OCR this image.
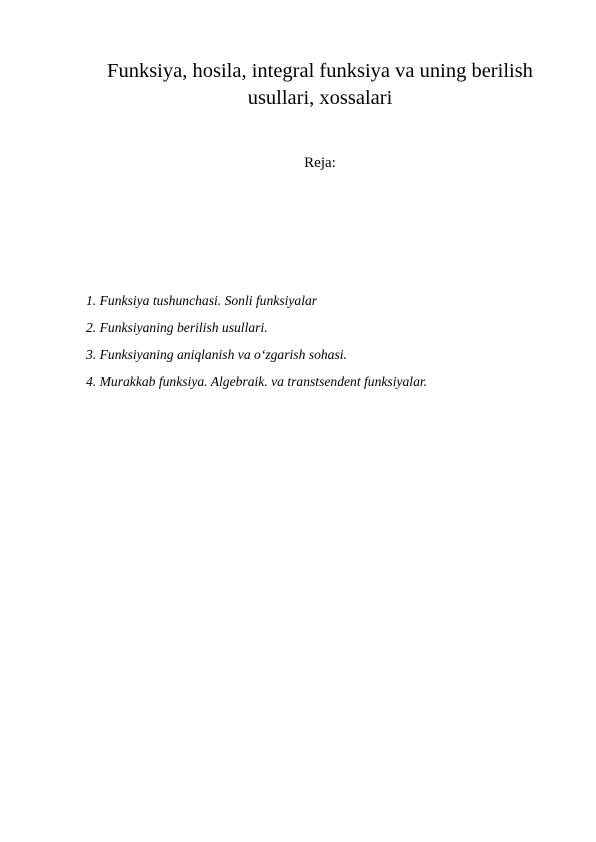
Funksiya, hosila, integral funksiya va uning berilish usullari, xossalari

Reja:

1. Funksiya tushunchasi. Sonli funksiyalar
2. Funksiyaning berilish usullari.
3. Funksiyaning aniqlanish va o‘zgarish sohasi.
4. Murakkab funksiya. Algebraik. va transtsendent funksiyalar.
